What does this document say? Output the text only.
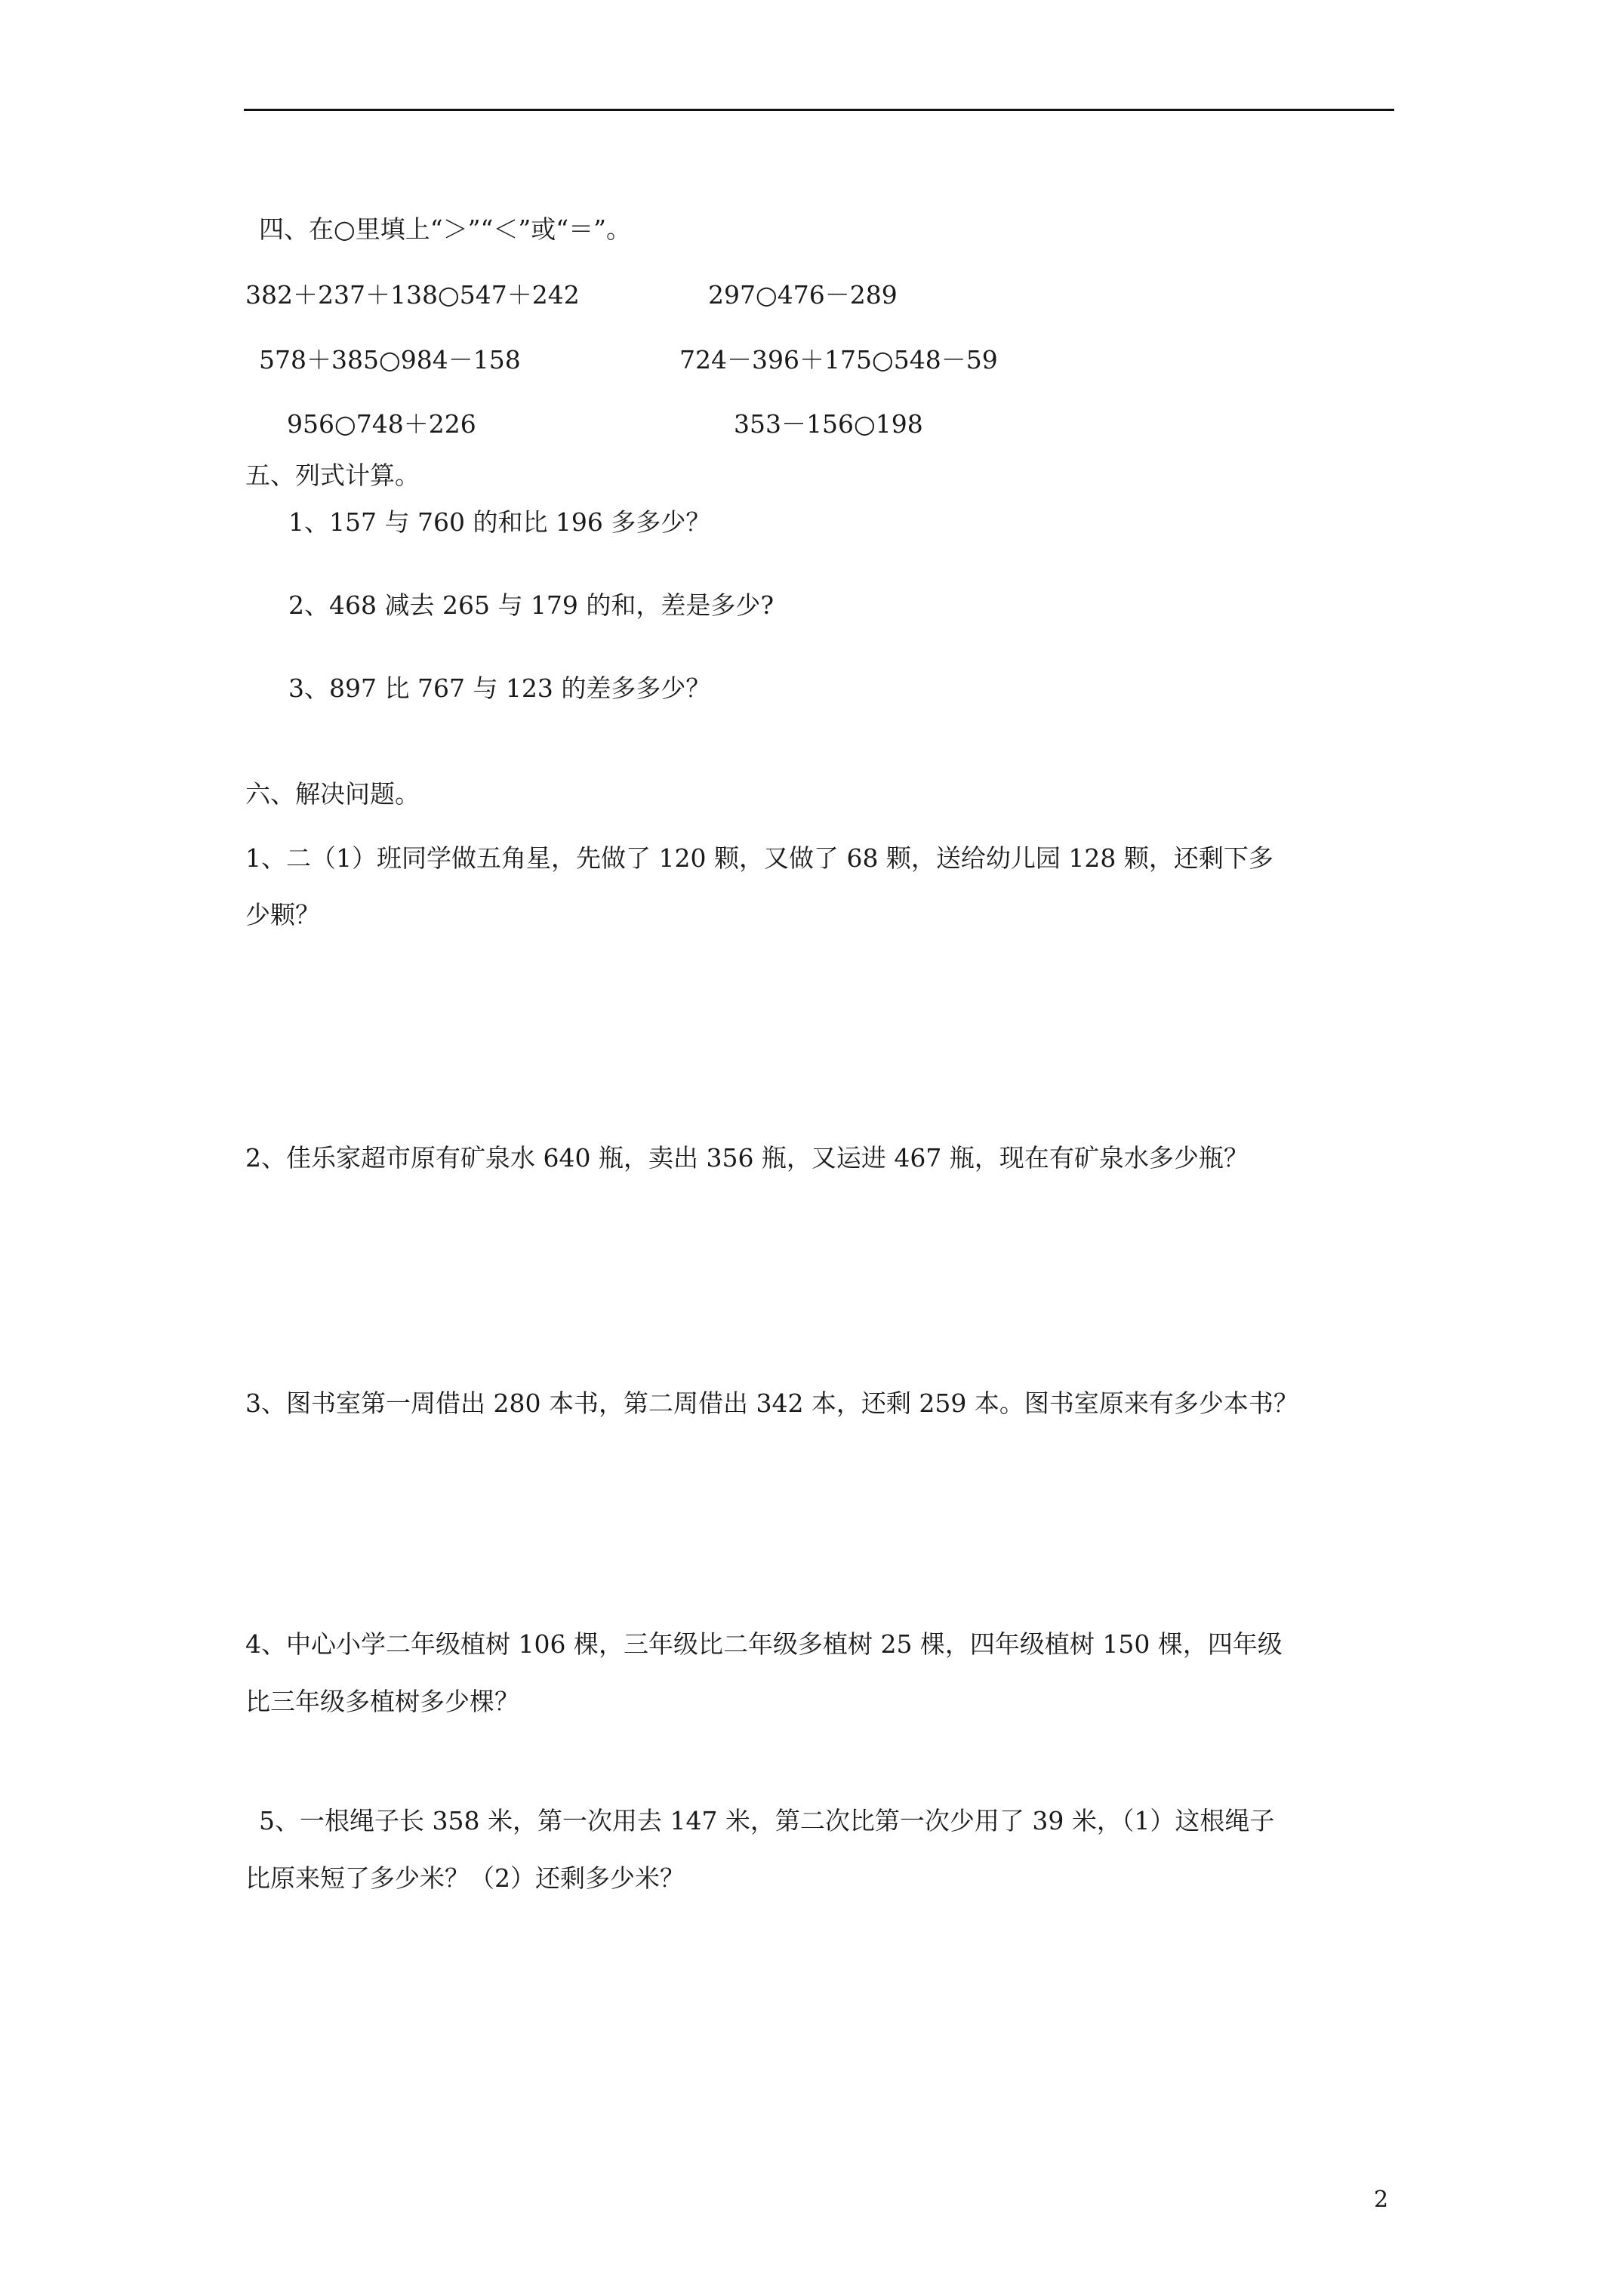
四、在○里填上“＞”“＜”或“＝”。
382＋237＋138○547＋242	297○476－289
578＋385○984－158	724－396＋175○548－59
956○748＋226	353－156○198
五、列式计算。
1、157 与 760 的和比 196 多多少？
2、468 减去 265 与 179 的和，差是多少?
3、897 比 767 与 123 的差多多少？
六、解决问题。
1、二（1）班同学做五角星，先做了 120 颗，又做了 68 颗，送给幼儿园 128 颗，还剩下多
少颗？
2、佳乐家超市原有矿泉水 640 瓶，卖出 356 瓶，又运进 467 瓶，现在有矿泉水多少瓶？
3、图书室第一周借出 280 本书，第二周借出 342 本，还剩 259 本。图书室原来有多少本书？
4、中心小学二年级植树 106 棵，三年级比二年级多植树 25 棵，四年级植树 150 棵，四年级
比三年级多植树多少棵？
5、一根绳子长 358 米，第一次用去 147 米，第二次比第一次少用了 39 米，（1）这根绳子
比原来短了多少米？（2）还剩多少米？
2
